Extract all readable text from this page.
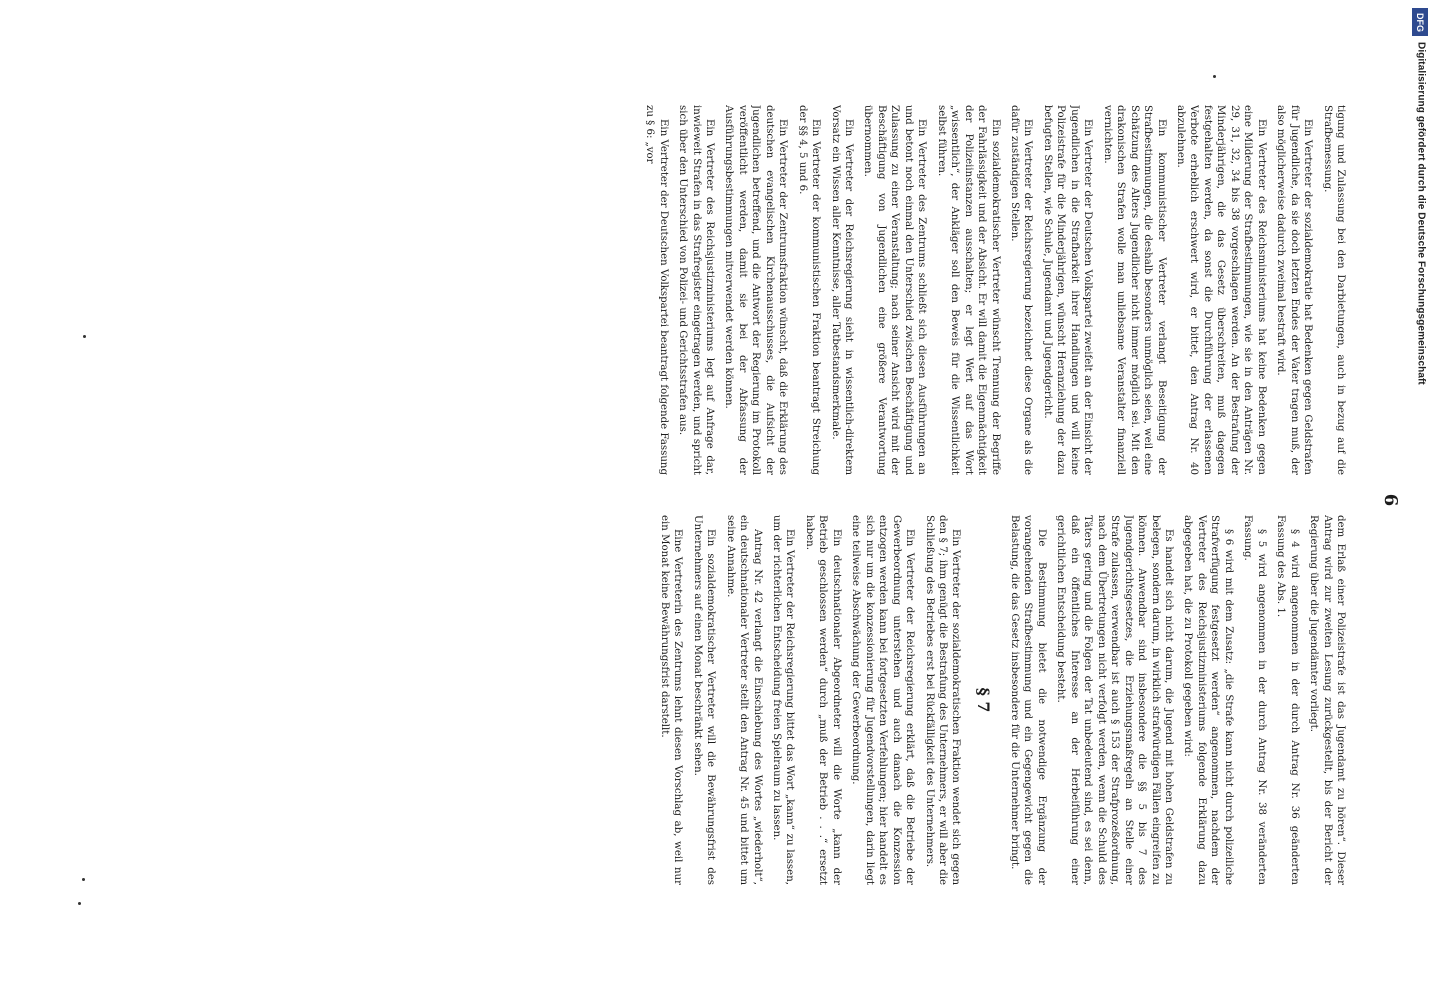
6

tigung und Zulassung bei den Darbietungen, auch in bezug auf die Strafbemessung.

Ein Vertreter der sozialdemokratie hat Bedenken gegen Geldstrafen für Jugendliche, da sie doch letzten Endes der Vater tragen muß, der also möglicherweise dadurch zweimal bestraft wird.

Ein Vertreter des Reichsministeriums hat keine Bedenken gegen eine Milderung der Strafbestimmungen, wie sie in den Anträgen Nr. 29, 31, 32, 34 bis 38 vorgeschlagen werden. An der Bestrafung der Minderjährigen, die das Gesetz überschreiten, muß dagegen festgehalten werden, da sonst die Durchführung der erlassenen Verbote erheblich erschwert wird, er bittet, den Antrag Nr. 40 abzulehnen.

Ein kommunistischer Vertreter verlangt Beseitigung der Strafbestimmungen, die deshalb besonders unmöglich seien, weil eine Schätzung des Alters Jugendlicher nicht immer möglich sei. Mit den drakonischen Strafen wolle man unliebsame Veranstalter finanziell vernichten.

Ein Vertreter der Deutschen Volkspartei zweifelt an der Einsicht der Jugendlichen in die Strafbarkeit ihrer Handlungen und will keine Polizeistrafe für die Minderjährigen, wünscht Heranziehung der dazu befugten Stellen, wie Schule, Jugendamt und Jugendgericht.

Ein Vertreter der Reichsregierung bezeichnet diese Organe als die dafür zuständigen Stellen.

Ein sozialdemokratischer Vertreter wünscht Trennung der Begriffe der Fahrlässigkeit und der Absicht. Er will damit die Eigenmächtigkeit der Polizeiinstanzen ausschalten; er legt Wert auf das Wort „wissentlich“, der Ankläger soll den Beweis für die Wissentlichkeit selbst führen.

Ein Vertreter des Zentrums schließt sich diesen Ausführungen an und betont noch einmal den Unterschied zwischen Beschäftigung und Zulassung zu einer Veranstaltung; nach seiner Ansicht wird mit der Beschäftigung von Jugendlichen eine größere Verantwortung übernommen.

Ein Vertreter der Reichsregierung sieht in wissentlich-direktem Vorsatz ein Wissen aller Kenntnisse, aller Tatbestandsmerkmale.

Ein Vertreter der kommunistischen Fraktion beantragt Streichung der §§ 4, 5 und 6.

Ein Vertreter der Zentrumsfraktion wünscht, daß die Erklärung des deutschen evangelischen Kirchenausschusses, die Aufsicht der Jugendlichen betreffend, und die Antwort der Regierung im Protokoll veröffentlicht werden, damit sie bei der Abfassung der Ausführungsbestimmungen mitverwendet werden können.

Ein Vertreter des Reichsjustizministeriums legt auf Anfrage dar, inwieweit Strafen in das Strafregister eingetragen werden, und spricht sich über den Unterschied von Polizei- und Gerichtsstrafen aus.

Ein Vertreter der Deutschen Volkspartei beantragt folgende Fassung zu § 6: „vor

dem Erlaß einer Polizeistrafe ist das Jugendamt zu hören“. Dieser Antrag wird zur zweiten Lesung zurückgestellt, bis der Bericht der Regierung über die Jugendämter vorliegt.

§ 4 wird angenommen in der durch Antrag Nr. 36 geänderten Fassung des Abs. 1.

§ 5 wird angenommen in der durch Antrag Nr. 38 veränderten Fassung.

§ 6 wird mit dem Zusatz: „die Strafe kann nicht durch polizeiliche Strafverfügung festgesetzt werden“ angenommen, nachdem der Vertreter des Reichsjustizministeriums folgende Erklärung dazu abgegeben hat, die zu Protokoll gegeben wird:

Es handelt sich nicht darum, die Jugend mit hohen Geldstrafen zu belegen, sondern darum, in wirklich strafwürdigen Fällen eingreifen zu können. Anwendbar sind insbesondere die §§ 5 bis 7 des Jugendgerichtsgesetzes, die Erziehungsmaßregeln an Stelle einer Strafe zulassen, verwendbar ist auch § 153 der Strafprozeßordnung, nach dem Übertretungen nicht verfolgt werden, wenn die Schuld des Täters gering und die Folgen der Tat unbedeutend sind, es sei denn, daß ein öffentliches Interesse an der Herbeiführung einer gerichtlichen Entscheidung besteht.

Die Bestimmung bietet die notwendige Ergänzung der vorangehenden Strafbestimmung und ein Gegengewicht gegen die Belastung, die das Gesetz insbesondere für die Unternehmer bringt.

§ 7

Ein Vertreter der sozialdemokratischen Fraktion wendet sich gegen den § 7; ihm genügt die Bestrafung des Unternehmers, er will aber die Schließung des Betriebes erst bei Rückfälligkeit des Unternehmers.

Ein Vertreter der Reichsregierung erklärt, daß die Betriebe der Gewerbeordnung unterstehen und auch danach die Konzession entzogen werden kann bei fortgesetzten Verfehlungen; hier handelt es sich nur um die konzessionierung für Jugendvorstellungen, darin liegt eine teilweise Abschwächung der Gewerbeordnung.

Ein deutschnationaler Abgeordneter will die Worte „kann der Betrieb geschlossen werden“ durch „muß der Betrieb . . .“ ersetzt haben.

Ein Vertreter der Reichsregierung bittet das Wort „kann“ zu lassen, um der richterlichen Entscheidung freien Spielraum zu lassen.

Antrag Nr. 42 verlangt die Einschiebung des Wortes „wiederholt“, ein deutschnationaler Vertreter stellt den Antrag Nr. 45 und bittet um seine Annahme.

Ein sozialdemokratischer Vertreter will die Bewährungsfrist des Unternehmers auf einen Monat beschränkt sehen.

Eine Vertreterin des Zentrums lehnt diesen Vorschlag ab, weil nur ein Monat keine Bewährungsfrist darstellt.

DFG
Digitalisierung gefördert durch die Deutsche Forschungsgemeinschaft
